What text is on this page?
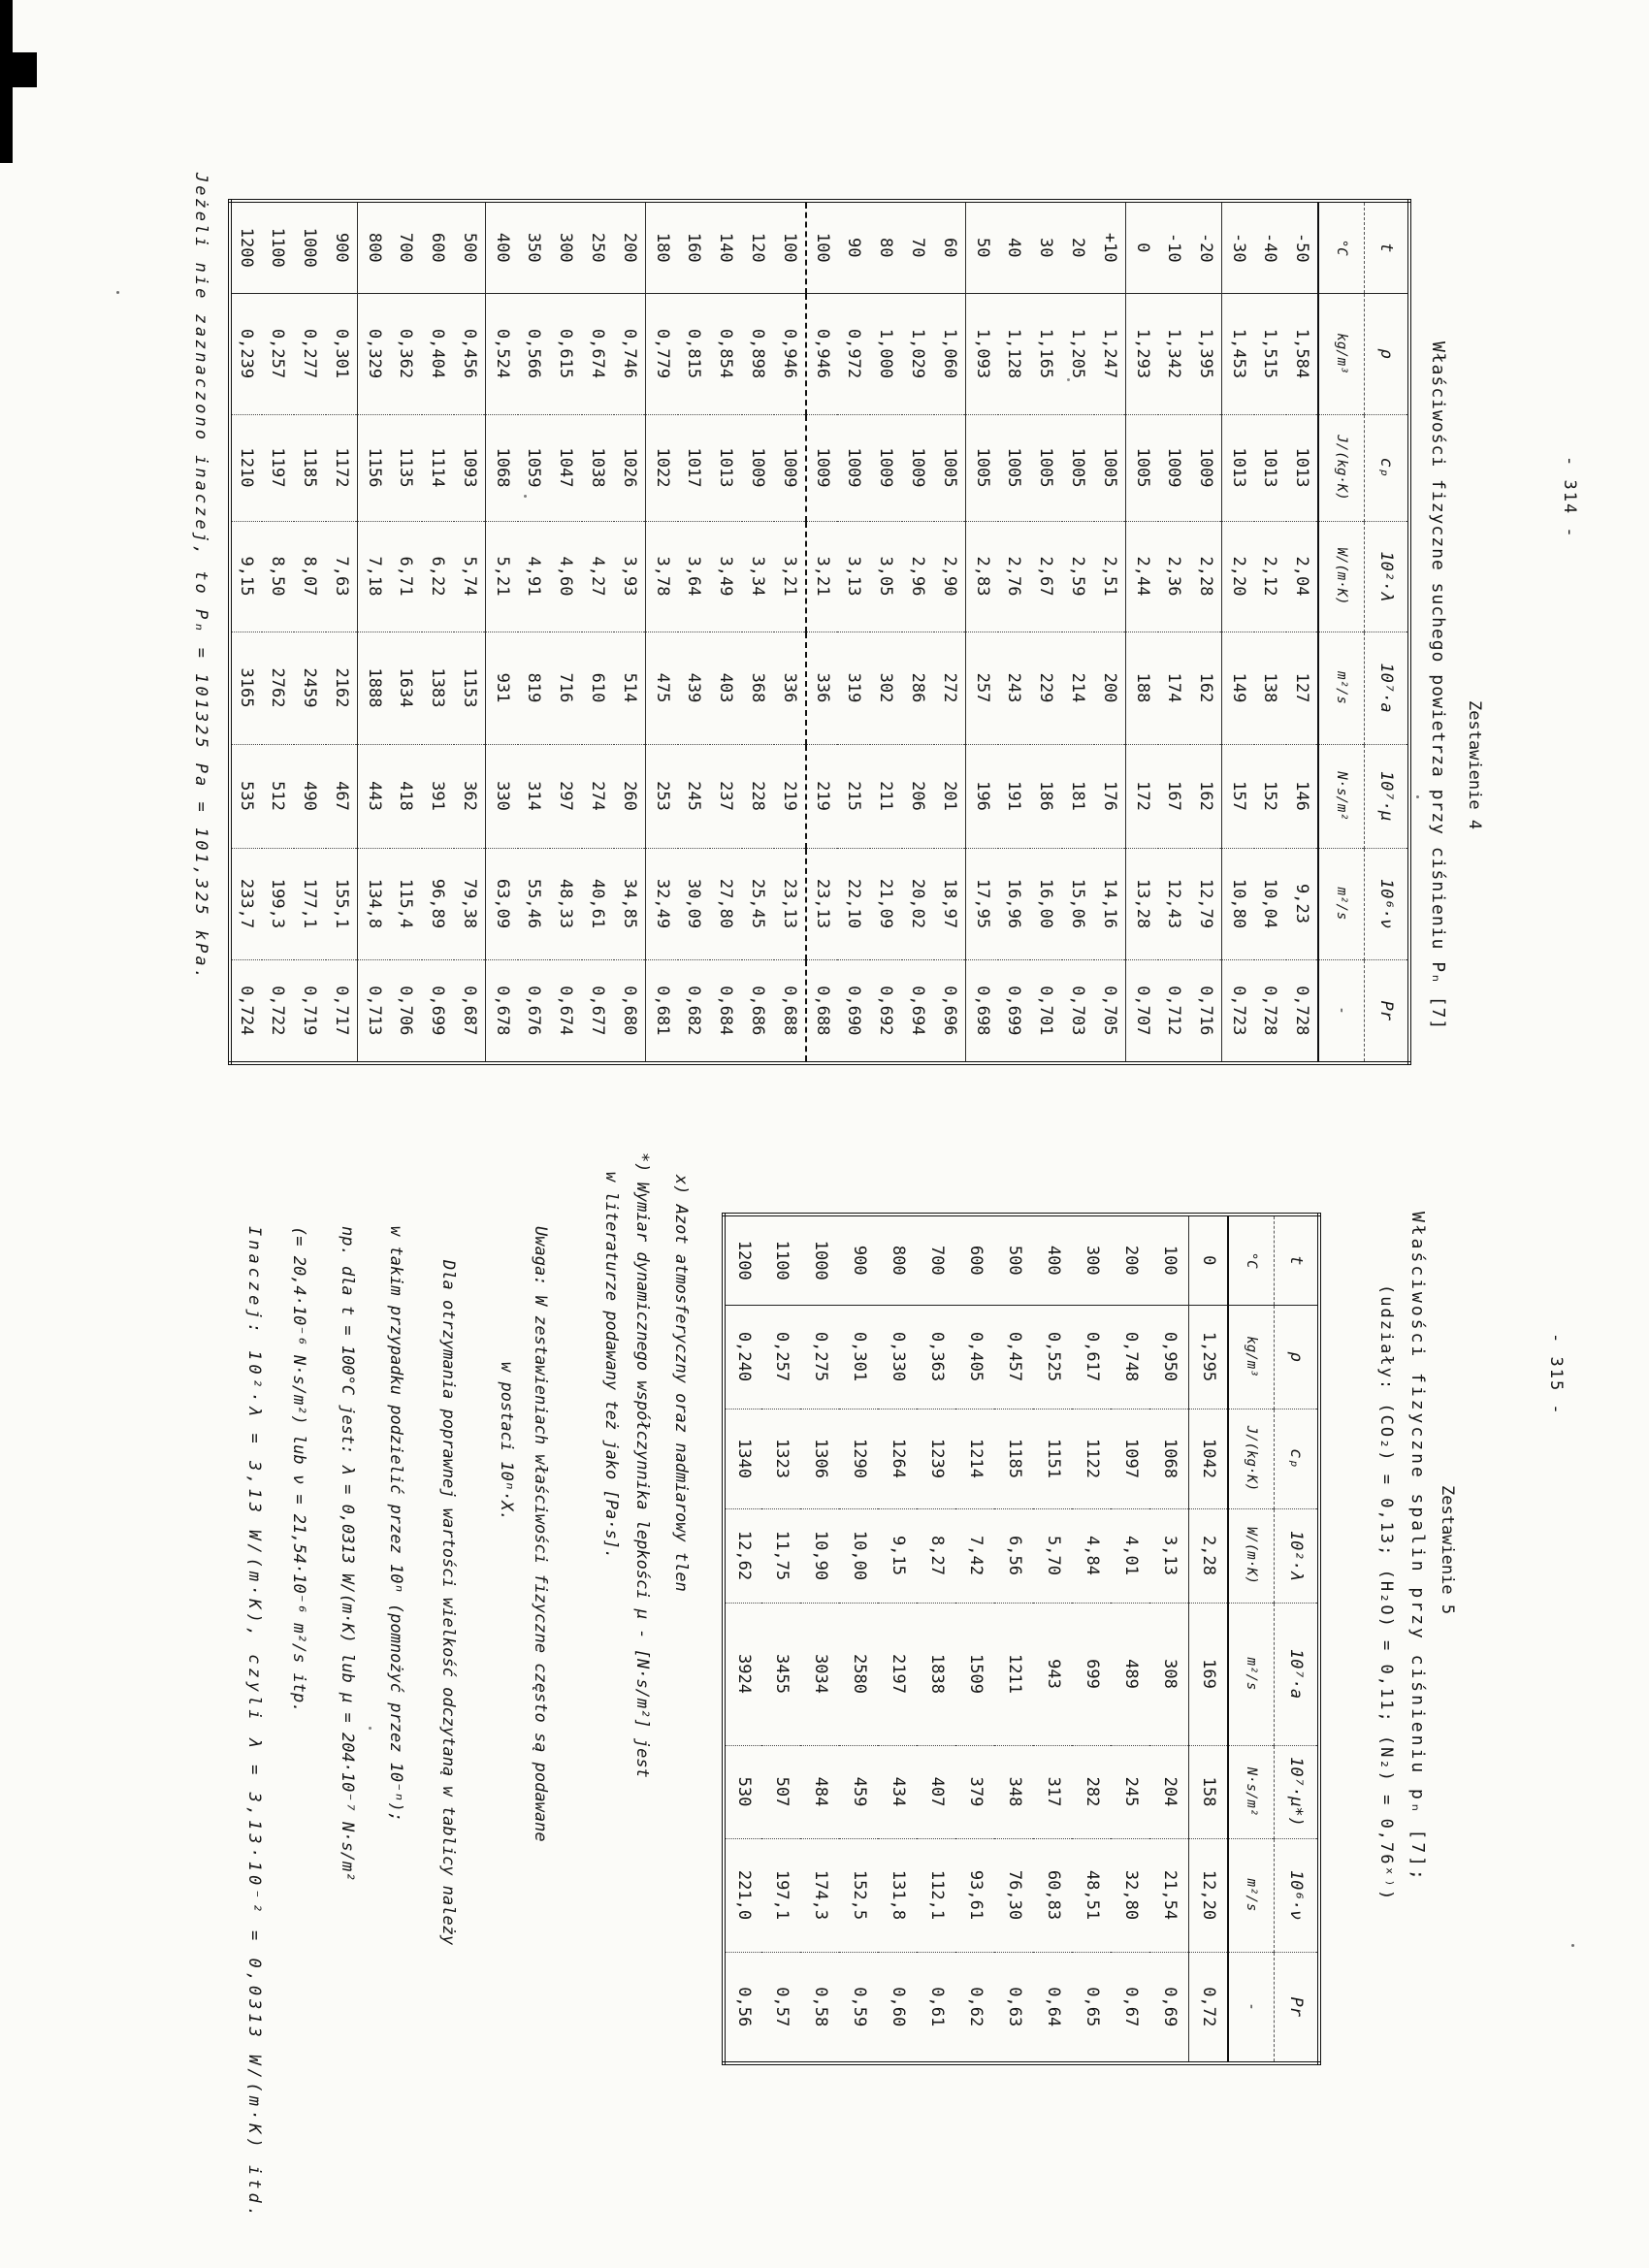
- 314 -
Zestawienie 4
Właściwości fizyczne suchego powietrza przy ciśnieniu Pₙ [7]
t	ρ	cₚ	10²·λ	10⁷·a	10⁷·μ	10⁶·ν	Pr
°C	kg/m³	J/(kg·K)	W/(m·K)	m²/s	N·s/m²	m²/s	-
-50	1,584	1013	2,04	127	146	9,23	0,728
-40	1,515	1013	2,12	138	152	10,04	0,728
-30	1,453	1013	2,20	149	157	10,80	0,723
-20	1,395	1009	2,28	162	162	12,79	0,716
-10	1,342	1009	2,36	174	167	12,43	0,712
0	1,293	1005	2,44	188	172	13,28	0,707
+10	1,247	1005	2,51	200	176	14,16	0,705
20	1,205	1005	2,59	214	181	15,06	0,703
30	1,165	1005	2,67	229	186	16,00	0,701
40	1,128	1005	2,76	243	191	16,96	0,699
50	1,093	1005	2,83	257	196	17,95	0,698
60	1,060	1005	2,90	272	201	18,97	0,696
70	1,029	1009	2,96	286	206	20,02	0,694
80	1,000	1009	3,05	302	211	21,09	0,692
90	0,972	1009	3,13	319	215	22,10	0,690
100	0,946	1009	3,21	336	219	23,13	0,688
100	0,946	1009	3,21	336	219	23,13	0,688
120	0,898	1009	3,34	368	228	25,45	0,686
140	0,854	1013	3,49	403	237	27,80	0,684
160	0,815	1017	3,64	439	245	30,09	0,682
180	0,779	1022	3,78	475	253	32,49	0,681
200	0,746	1026	3,93	514	260	34,85	0,680
250	0,674	1038	4,27	610	274	40,61	0,677
300	0,615	1047	4,60	716	297	48,33	0,674
350	0,566	1059	4,91	819	314	55,46	0,676
400	0,524	1068	5,21	931	330	63,09	0,678
500	0,456	1093	5,74	1153	362	79,38	0,687
600	0,404	1114	6,22	1383	391	96,89	0,699
700	0,362	1135	6,71	1634	418	115,4	0,706
800	0,329	1156	7,18	1888	443	134,8	0,713
900	0,301	1172	7,63	2162	467	155,1	0,717
1000	0,277	1185	8,07	2459	490	177,1	0,719
1100	0,257	1197	8,50	2762	512	199,3	0,722
1200	0,239	1210	9,15	3165	535	233,7	0,724
Jeżeli nie zaznaczono inaczej, to Pₙ = 101325 Pa = 101,325 kPa.
- 315 -
Zestawienie 5
Właściwości fizyczne spalin przy ciśnieniu pₙ [7];
(udziały: (CO₂) = 0,13; (H₂O) = 0,11; (N₂) = 0,76ˣ⁾)
t	ρ	cₚ	10²·λ	10⁷·a	10⁷·μ*)	10⁶·ν	Pr
°C	kg/m³	J/(kg·K)	W/(m·K)	m²/s	N·s/m²	m²/s	-
0	1,295	1042	2,28	169	158	12,20	0,72
100	0,950	1068	3,13	308	204	21,54	0,69
200	0,748	1097	4,01	489	245	32,80	0,67
300	0,617	1122	4,84	699	282	48,51	0,65
400	0,525	1151	5,70	943	317	60,83	0,64
500	0,457	1185	6,56	1211	348	76,30	0,63
600	0,405	1214	7,42	1509	379	93,61	0,62
700	0,363	1239	8,27	1838	407	112,1	0,61
800	0,330	1264	9,15	2197	434	131,8	0,60
900	0,301	1290	10,00	2580	459	152,5	0,59
1000	0,275	1306	10,90	3034	484	174,3	0,58
1100	0,257	1323	11,75	3455	507	197,1	0,57
1200	0,240	1340	12,62	3924	530	221,0	0,56
x) Azot atmosferyczny oraz nadmiarowy tlen
*) Wymiar dynamicznego współczynnika lepkości μ - [N·s/m²] jest
w literaturze podawany też jako [Pa·s].
Uwaga: W zestawieniach właściwości fizyczne często są podawane
w postaci 10ⁿ·X.
Dla otrzymania poprawnej wartości wielkość odczytaną w tablicy należy
w takim przypadku podzielić przez 10ⁿ (pomnożyć przez 10⁻ⁿ);
np. dla t = 100°C jest: λ = 0,0313 W/(m·K) lub μ = 204·10⁻⁷ N·s/m²
(= 20,4·10⁻⁶ N·s/m²) lub ν = 21,54·10⁻⁶ m²/s itp.
Inaczej: 10²·λ = 3,13 W/(m·K), czyli λ = 3,13·10⁻² = 0,0313 W/(m·K) itd.
